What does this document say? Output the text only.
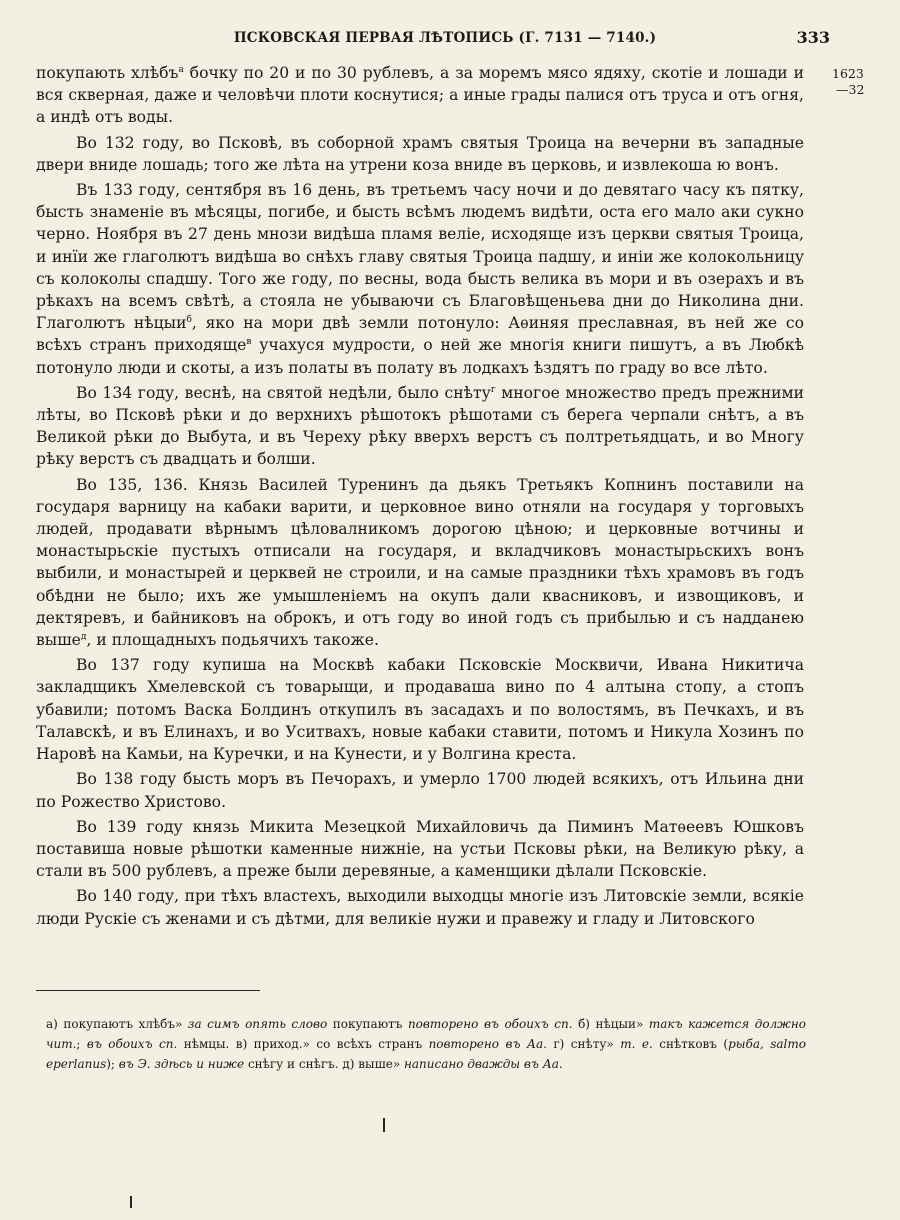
ПСКОВСКАЯ ПЕРВАЯ ЛѢТОПИСЬ (Г. 7131 — 7140.)	333
1623
—32

покупають хлѣбъ$^а$ бочку по 20 и по 30 рублевъ, а за моремъ мясо ядяху, скотіе и лошади и вся скверная, даже и человѣчи плоти коснутися; а иные грады палися отъ труса и отъ огня, а индѣ отъ воды.

Во 132 году, во Псковѣ, въ соборной храмъ святыя Троица на вечерни въ западные двери вниде лошадь; того же лѣта на утрени коза вниде въ церковь, и извлекоша ю вонъ.

Въ 133 году, сентября въ 16 день, въ третьемъ часу ночи и до девятаго часу къ пятку, бысть знаменіе въ мѣсяцы, погибе, и бысть всѣмъ людемъ видѣти, оста его мало аки сукно черно. Ноября въ 27 день мнози видѣша пламя веліе, исходяще изъ церкви святыя Троица, и инїи же глаголютъ видѣша во снѣхъ главу святыя Троица падшу, и иніи же колокольницу съ колоколы спадшу. Того же году, по весны, вода бысть велика въ мори и въ озерахъ и въ рѣкахъ на всемъ свѣтѣ, а стояла не убываючи съ Благовѣщеньева дни до Николина дни. Глаголютъ нѣцыи$^б$, яко на мори двѣ земли потонуло: Аѳиняя преславная, въ ней же со всѣхъ странъ приходяще$^в$ учахуся мудрости, о ней же многія книги пишутъ, а въ Любкѣ потонуло люди и скоты, а изъ полаты въ полату въ лодкахъ ѣздятъ по граду во все лѣто.

Во 134 году, веснѣ, на святой недѣли, было снѣту$^г$ многое множество предъ прежними лѣты, во Псковѣ рѣки и до верхнихъ рѣшотокъ рѣшотами съ берега черпали снѣтъ, а въ Великой рѣки до Выбута, и въ Череху рѣку вверхъ верстъ съ полтретьядцать, и во Многу рѣку верстъ съ двадцать и болши.

Во 135, 136. Князь Василей Туренинъ да дьякъ Третьякъ Копнинъ поставили на государя варницу на кабаки варити, и церковное вино отняли на государя у торговыхъ людей, продавати вѣрнымъ цѣловалникомъ дорогою цѣною; и церковные вотчины и монастырьскіе пустыхъ отписали на государя, и вкладчиковъ монастырьскихъ вонъ выбили, и монастырей и церквей не строили, и на самые праздники тѣхъ храмовъ въ годъ обѣдни не было; ихъ же умышленіемъ на окупъ дали квасниковъ, и извощиковъ, и дектяревъ, и байниковъ на оброкъ, и отъ году во иной годъ съ прибылью и съ надданею выше$^д$, и площадныхъ подьячихъ такоже.

Во 137 году купиша на Москвѣ кабаки Псковскіе Москвичи, Ивана Никитича закладщикъ Хмелевской съ товарыщи, и продаваша вино по 4 алтына стопу, а стопъ убавили; потомъ Васка Болдинъ откупилъ въ засадахъ и по волостямъ, въ Печкахъ, и въ Талавскѣ, и въ Елинахъ, и во Уситвахъ, новые кабаки ставити, потомъ и Никула Хозинъ по Наровѣ на Камьи, на Куречки, и на Кунести, и у Волгина креста.

Во 138 году бысть моръ въ Печорахъ, и умерло 1700 людей всякихъ, отъ Ильина дни по Рожество Христово.

Во 139 году князь Микита Мезецкой Михайловичь да Пиминъ Матѳеевъ Юшковъ поставиша новые рѣшотки каменные нижніе, на устьи Псковы рѣки, на Великую рѣку, а стали въ 500 рублевъ, а преже были деревяные, а каменщики дѣлали Псковскіе.

Во 140 году, при тѣхъ властехъ, выходили выходцы многіе изъ Литовскіе земли, всякіе люди Рускіе съ женами и съ дѣтми, для великіе нужи и правежу и гладу и Литовского

а) покупаютъ хлѣбъ» за симъ опять слово покупаютъ повторено въ обоихъ сп. б) нѣцыи» такъ кажется должно чит.; въ обоихъ сп. нѣмцы. в) приход.» со всѣхъ странъ повторено въ Аа. г) снѣту» т. е. снѣтковъ (рыба, salmo eperlanus); въ Э. здѣсь и ниже снѣгу и снѣгъ. д) выше» написано дважды въ Аа.
